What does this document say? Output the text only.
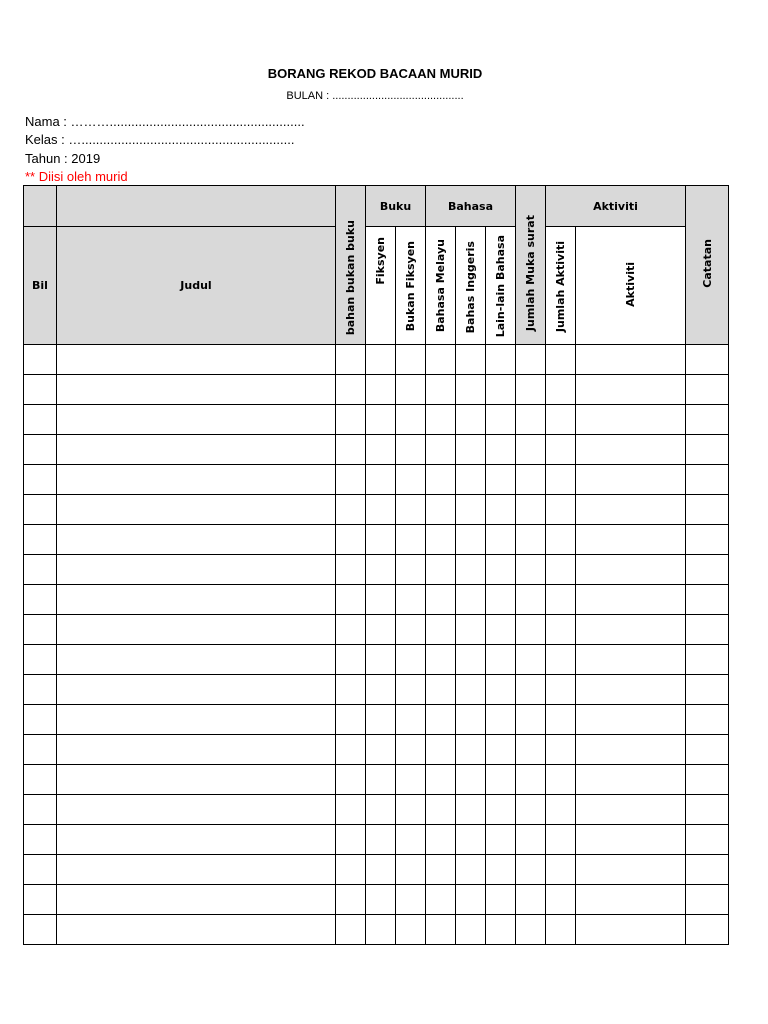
BORANG REKOD BACAAN MURID
BULAN : ...........................................
Nama : ………......................................................
Kelas : …...........................................................
Tahun : 2019
** Diisi oleh murid
		bahan bukan buku	Buku		Bahasa			Jumlah Muka surat	Aktiviti		Catatan
Bil	Judul		Fiksyen	Bukan Fiksyen	Bahasa Melayu	Bahas Inggeris	Lain-lain Bahasa		Jumlah Aktiviti	Aktiviti	
